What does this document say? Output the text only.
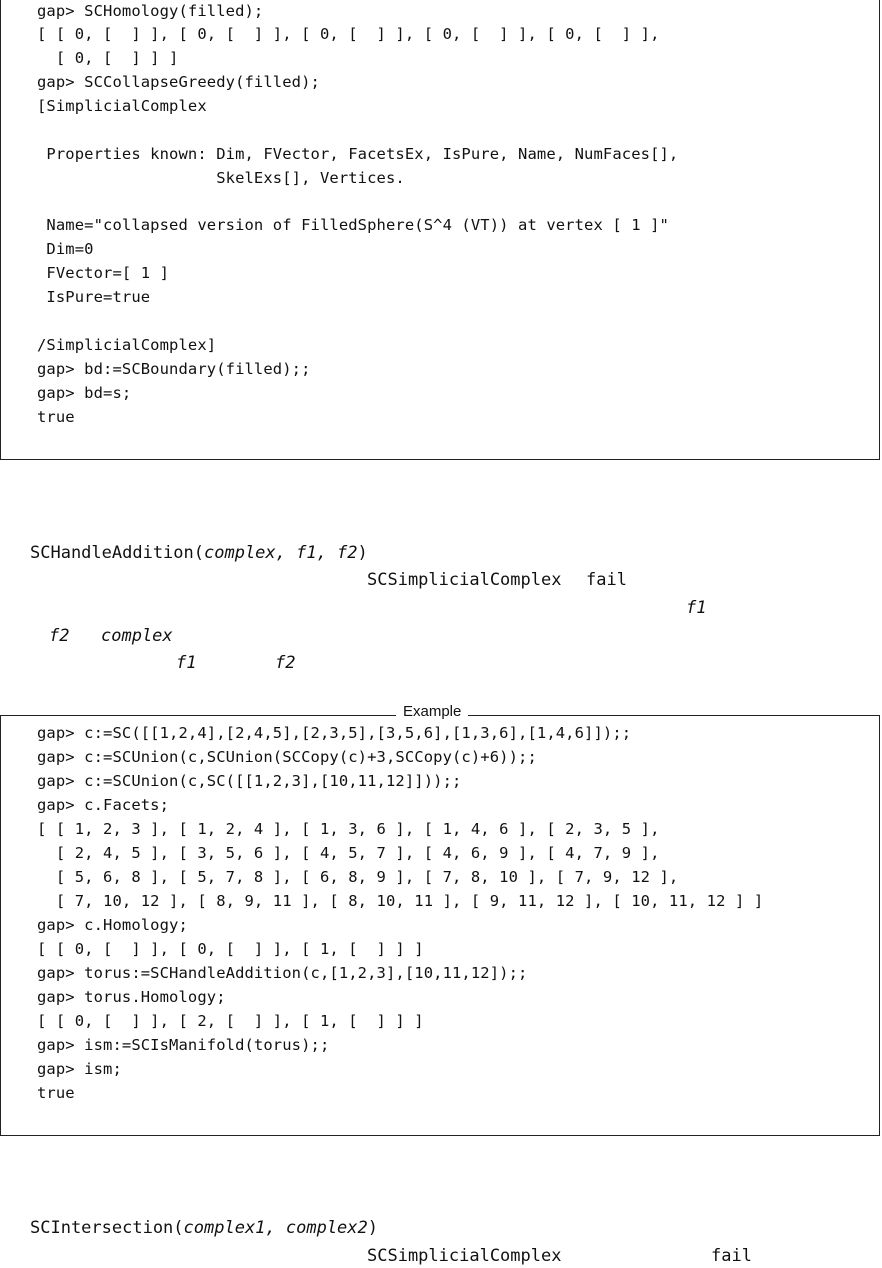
gap> SCHomology(filled);
[ [ 0, [  ] ], [ 0, [  ] ], [ 0, [  ] ], [ 0, [  ] ], [ 0, [  ] ],
[ 0, [  ] ] ]
gap> SCCollapseGreedy(filled);
[SimplicialComplex
Properties known: Dim, FVector, FacetsEx, IsPure, Name, NumFaces[],
SkelExs[], Vertices.
Name="collapsed version of FilledSphere(S^4 (VT)) at vertex [ 1 ]"
Dim=0
FVector=[ 1 ]
IsPure=true
/SimplicialComplex]
gap> bd:=SCBoundary(filled);;
gap> bd=s;
true
SCHandleAddition(complex, f1, f2)
SCSimplicialComplex fail
f1
f2 complex
f1	f2
Example
gap> c:=SC([[1,2,4],[2,4,5],[2,3,5],[3,5,6],[1,3,6],[1,4,6]]);;
gap> c:=SCUnion(c,SCUnion(SCCopy(c)+3,SCCopy(c)+6));;
gap> c:=SCUnion(c,SC([[1,2,3],[10,11,12]]));;
gap> c.Facets;
[ [ 1, 2, 3 ], [ 1, 2, 4 ], [ 1, 3, 6 ], [ 1, 4, 6 ], [ 2, 3, 5 ],
[ 2, 4, 5 ], [ 3, 5, 6 ], [ 4, 5, 7 ], [ 4, 6, 9 ], [ 4, 7, 9 ],
[ 5, 6, 8 ], [ 5, 7, 8 ], [ 6, 8, 9 ], [ 7, 8, 10 ], [ 7, 9, 12 ],
[ 7, 10, 12 ], [ 8, 9, 11 ], [ 8, 10, 11 ], [ 9, 11, 12 ], [ 10, 11, 12 ] ]
gap> c.Homology;
[ [ 0, [  ] ], [ 0, [  ] ], [ 1, [  ] ] ]
gap> torus:=SCHandleAddition(c,[1,2,3],[10,11,12]);;
gap> torus.Homology;
[ [ 0, [  ] ], [ 2, [  ] ], [ 1, [  ] ] ]
gap> ism:=SCIsManifold(torus);;
gap> ism;
true
SCIntersection(complex1, complex2)
SCSimplicialComplex	fail
